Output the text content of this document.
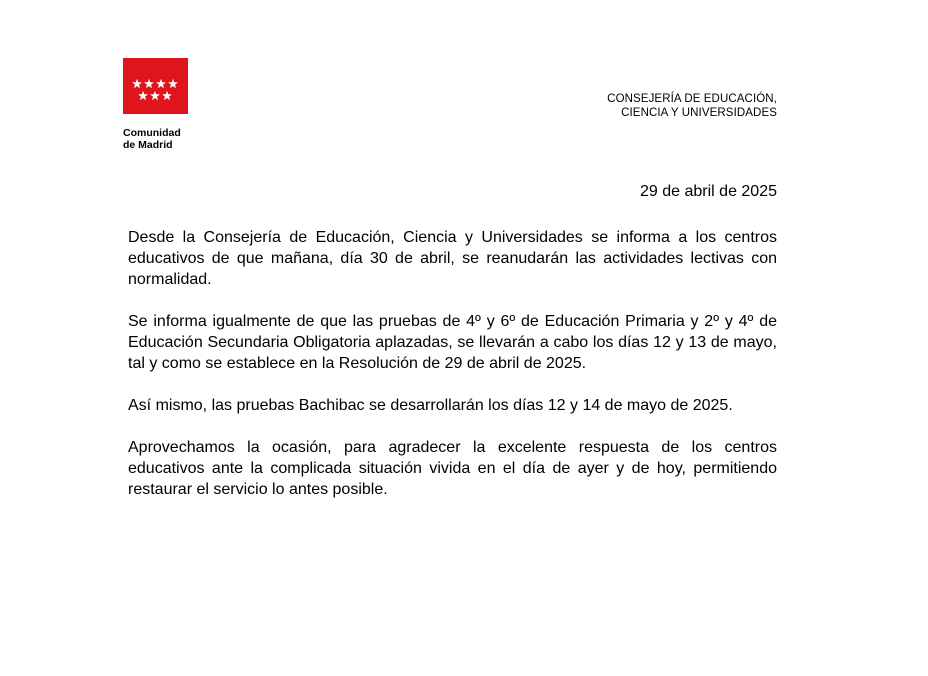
Comunidad
de Madrid
CONSEJERÍA DE EDUCACIÓN,
CIENCIA Y UNIVERSIDADES
29 de abril de 2025

Desde la Consejería de Educación, Ciencia y Universidades se informa a los centros educativos de que mañana, día 30 de abril, se reanudarán las actividades lectivas con normalidad.

Se informa igualmente de que las pruebas de 4º y 6º de Educación Primaria y 2º y 4º de Educación Secundaria Obligatoria aplazadas, se llevarán a cabo los días 12 y 13 de mayo, tal y como se establece en la Resolución de 29 de abril de 2025.

Así mismo, las pruebas Bachibac se desarrollarán los días 12 y 14 de mayo de 2025.

Aprovechamos la ocasión, para agradecer la excelente respuesta de los centros educativos ante la complicada situación vivida en el día de ayer y de hoy, permitiendo restaurar el servicio lo antes posible.
